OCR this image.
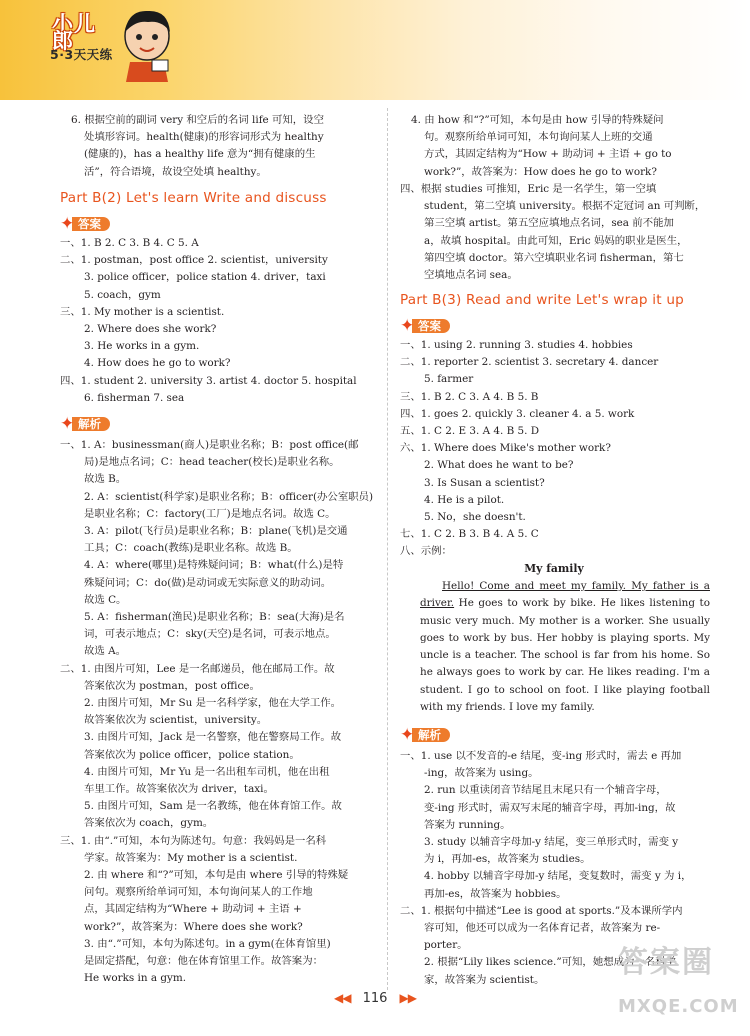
小儿郎
5·3天天练
6. 根据空前的副词 very 和空后的名词 life 可知，设空
处填形容词。health(健康)的形容词形式为 healthy
(健康的)，has a healthy life 意为“拥有健康的生
活”，符合语境，故设空处填 healthy。
Part B(2) Let's learn Write and discuss
✦ 答案
一、1. B 2. C 3. B 4. C 5. A
二、1. postman，post office 2. scientist，university
3. police officer，police station 4. driver，taxi
5. coach，gym
三、1. My mother is a scientist.
2. Where does she work?
3. He works in a gym.
4. How does he go to work?
四、1. student 2. university 3. artist 4. doctor 5. hospital
6. fisherman 7. sea
✦ 解析
一、1. A：businessman(商人)是职业名称；B：post office(邮
局)是地点名词；C：head teacher(校长)是职业名称。
故选 B。
2. A：scientist(科学家)是职业名称；B：officer(办公室职员)
是职业名称；C：factory(工厂)是地点名词。故选 C。
3. A：pilot(飞行员)是职业名称；B：plane(飞机)是交通
工具；C：coach(教练)是职业名称。故选 B。
4. A：where(哪里)是特殊疑问词；B：what(什么)是特
殊疑问词；C：do(做)是动词或无实际意义的助动词。
故选 C。
5. A：fisherman(渔民)是职业名称；B：sea(大海)是名
词，可表示地点；C：sky(天空)是名词，可表示地点。
故选 A。
二、1. 由图片可知，Lee 是一名邮递员，他在邮局工作。故
答案依次为 postman，post office。
2. 由图片可知，Mr Su 是一名科学家，他在大学工作。
故答案依次为 scientist，university。
3. 由图片可知，Jack 是一名警察，他在警察局工作。故
答案依次为 police officer，police station。
4. 由图片可知，Mr Yu 是一名出租车司机，他在出租
车里工作。故答案依次为 driver，taxi。
5. 由图片可知，Sam 是一名教练，他在体育馆工作。故
答案依次为 coach，gym。
三、1. 由“.”可知，本句为陈述句。句意：我妈妈是一名科
学家。故答案为：My mother is a scientist.
2. 由 where 和“?”可知，本句是由 where 引导的特殊疑
问句。观察所给单词可知，本句询问某人的工作地
点，其固定结构为“Where + 助动词 + 主语 +
work?”，故答案为：Where does she work?
3. 由“.”可知，本句为陈述句。in a gym(在体育馆里)
是固定搭配，句意：他在体育馆里工作。故答案为：
He works in a gym.
4. 由 how 和“?”可知，本句是由 how 引导的特殊疑问
句。观察所给单词可知，本句询问某人上班的交通
方式，其固定结构为“How + 助动词 + 主语 + go to
work?”，故答案为：How does he go to work?
四、根据 studies 可推知，Eric 是一名学生，第一空填
student，第二空填 university。根据不定冠词 an 可判断，
第三空填 artist。第五空应填地点名词，sea 前不能加
a，故填 hospital。由此可知，Eric 妈妈的职业是医生，
第四空填 doctor。第六空填职业名词 fisherman，第七
空填地点名词 sea。
Part B(3) Read and write Let's wrap it up
✦ 答案
一、1. using 2. running 3. studies 4. hobbies
二、1. reporter 2. scientist 3. secretary 4. dancer
5. farmer
三、1. B 2. C 3. A 4. B 5. B
四、1. goes 2. quickly 3. cleaner 4. a 5. work
五、1. C 2. E 3. A 4. B 5. D
六、1. Where does Mike's mother work?
2. What does he want to be?
3. Is Susan a scientist?
4. He is a pilot.
5. No，she doesn't.
七、1. C 2. B 3. B 4. A 5. C
八、示例：
My family

Hello! Come and meet my family. My father is a driver. He goes to work by bike. He likes listening to music very much. My mother is a worker. She usually goes to work by bus. Her hobby is playing sports. My uncle is a teacher. The school is far from his home. So he always goes to work by car. He likes reading. I'm a student. I go to school on foot. I like playing football with my friends. I love my family.

✦ 解析
一、1. use 以不发音的-e 结尾，变-ing 形式时，需去 e 再加
-ing，故答案为 using。
2. run 以重读闭音节结尾且末尾只有一个辅音字母，
变-ing 形式时，需双写末尾的辅音字母，再加-ing，故
答案为 running。
3. study 以辅音字母加-y 结尾，变三单形式时，需变 y
为 i，再加-es，故答案为 studies。
4. hobby 以辅音字母加-y 结尾，变复数时，需变 y 为 i，
再加-es，故答案为 hobbies。
二、1. 根据句中描述“Lee is good at sports.”及本课所学内
容可知，他还可以成为一名体育记者，故答案为 re-
porter。
2. 根据“Lily likes science.”可知，她想成为一名科学
家，故答案为 scientist。
◀◀ 116 ▶▶
答案圈
MXQE.COM
